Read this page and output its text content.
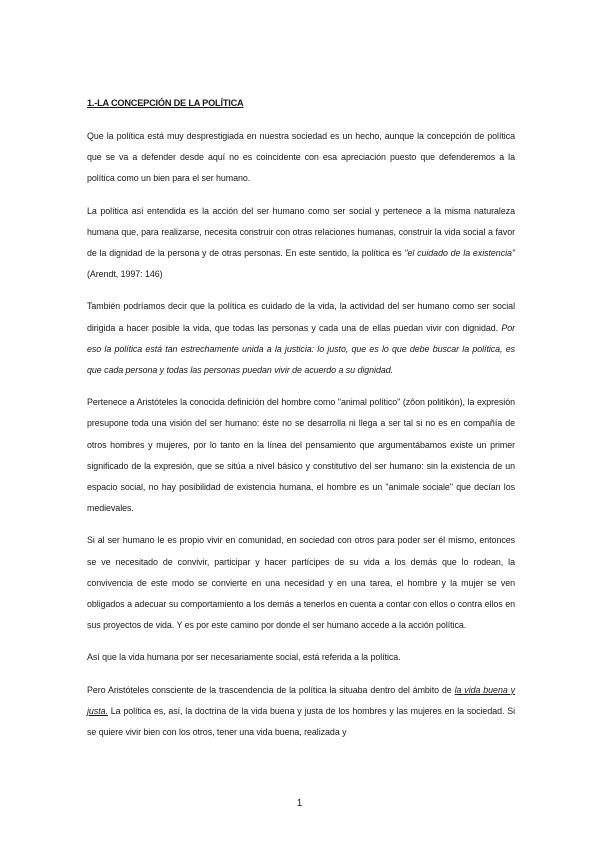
1.-LA CONCEPCIÓN DE LA POLÍTICA

Que la política está muy desprestigiada en nuestra sociedad es un hecho, aunque la concepción de política que se va a defender desde aquí no es coincidente con esa apreciación puesto que defenderemos a la política como un bien para el ser humano.

La política así entendida es la acción del ser humano como ser social y pertenece a la misma naturaleza humana que, para realizarse, necesita construir con otras relaciones humanas, construir la vida social a favor de la dignidad de la persona y de otras personas. En este sentido, la política es "el cuidado de la existencia" (Arendt, 1997: 146)

También podríamos decir que la política es cuidado de la vida, la actividad del ser humano como ser social dirigida a hacer posible la vida, que todas las personas y cada una de ellas puedan vivir con dignidad. Por eso la política está tan estrechamente unida a la justicia: lo justo, que es lo que debe buscar la política, es que cada persona y todas las personas puedan vivir de acuerdo a su dignidad.

Pertenece a Aristóteles la conocida definición del hombre como "animal político" (zôon politikón), la expresión presupone toda una visión del ser humano: éste no se desarrolla ni llega a ser tal si no es en compañía de otros hombres y mujeres, por lo tanto en la línea del pensamiento que argumentábamos existe un primer significado de la expresión, que se sitúa a nivel básico y constitutivo del ser humano: sin la existencia de un espacio social, no hay posibilidad de existencia humana, el hombre es un "animale sociale" que decían los medievales.

Si al ser humano le es propio vivir en comunidad, en sociedad con otros para poder ser él mismo, entonces se ve necesitado de convivir, participar y hacer partícipes de su vida a los demás que lo rodean, la convivencia de este modo se convierte en una necesidad y en una tarea, el hombre y la mujer se ven obligados a adecuar su comportamiento a los demás a tenerlos en cuenta a contar con ellos o contra ellos en sus proyectos de vida. Y es por este camino por donde el ser humano accede a la acción política.

Así que la vida humana por ser necesariamente social, está referida a la política.

Pero Aristóteles consciente de la trascendencia de la política la situaba dentro del ámbito de la vida buena y justa. La política es, así, la doctrina de la vida buena y justa de los hombres y las mujeres en la sociedad. Si se quiere vivir bien con los otros, tener una vida buena, realizada y

1
